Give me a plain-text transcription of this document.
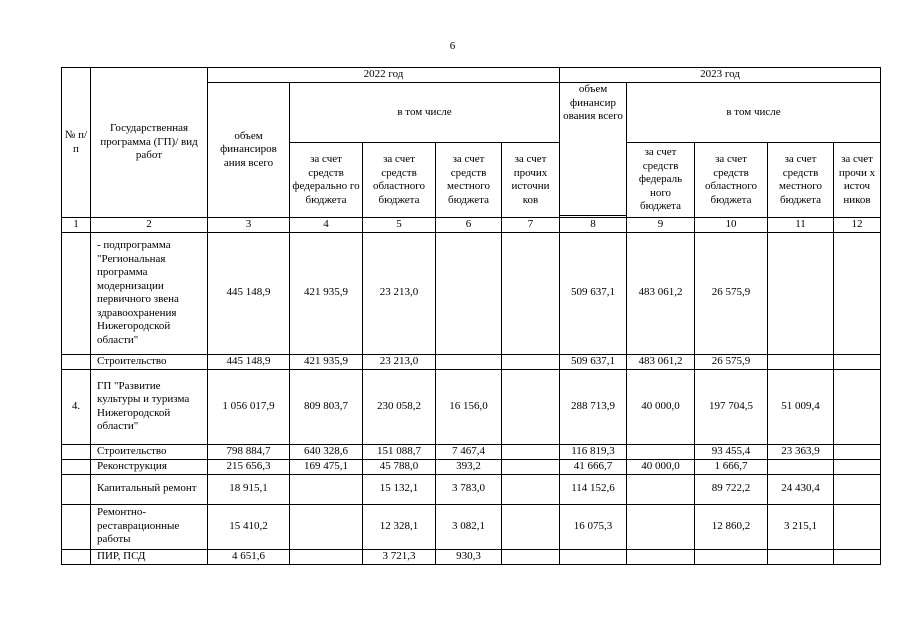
6
№ п/п	Государственная программа (ГП)/ вид работ	2022 год					2023 год				
		объем финансиров ания всего	в том числе				объем финансир ования всего	в том числе			
			за счет средств федерально го бюджета	за счет средств областного бюджета	за счет средств местного бюджета	за счет прочих источни ков		за счет средств федераль ного бюджета	за счет средств областного бюджета	за счет средств местного бюджета	за счет прочи х источ ников

1	2	3	4	5	6	7	8	9	10	11	12
	- подпрограмма "Региональная программа модернизации первичного звена здравоохранения Нижегородской области"	445 148,9	421 935,9	23 213,0			509 637,1	483 061,2	26 575,9		
	Строительство	445 148,9	421 935,9	23 213,0			509 637,1	483 061,2	26 575,9		
4.	ГП "Развитие культуры и туризма Нижегородской области"	1 056 017,9	809 803,7	230 058,2	16 156,0		288 713,9	40 000,0	197 704,5	51 009,4	
	Строительство	798 884,7	640 328,6	151 088,7	7 467,4		116 819,3		93 455,4	23 363,9	
	Реконструкция	215 656,3	169 475,1	45 788,0	393,2		41 666,7	40 000,0	1 666,7		
	Капитальный ремонт	18 915,1		15 132,1	3 783,0		114 152,6		89 722,2	24 430,4	
	Ремонтно-реставрационные работы	15 410,2		12 328,1	3 082,1		16 075,3		12 860,2	3 215,1	
	ПИР, ПСД	4 651,6		3 721,3	930,3						
